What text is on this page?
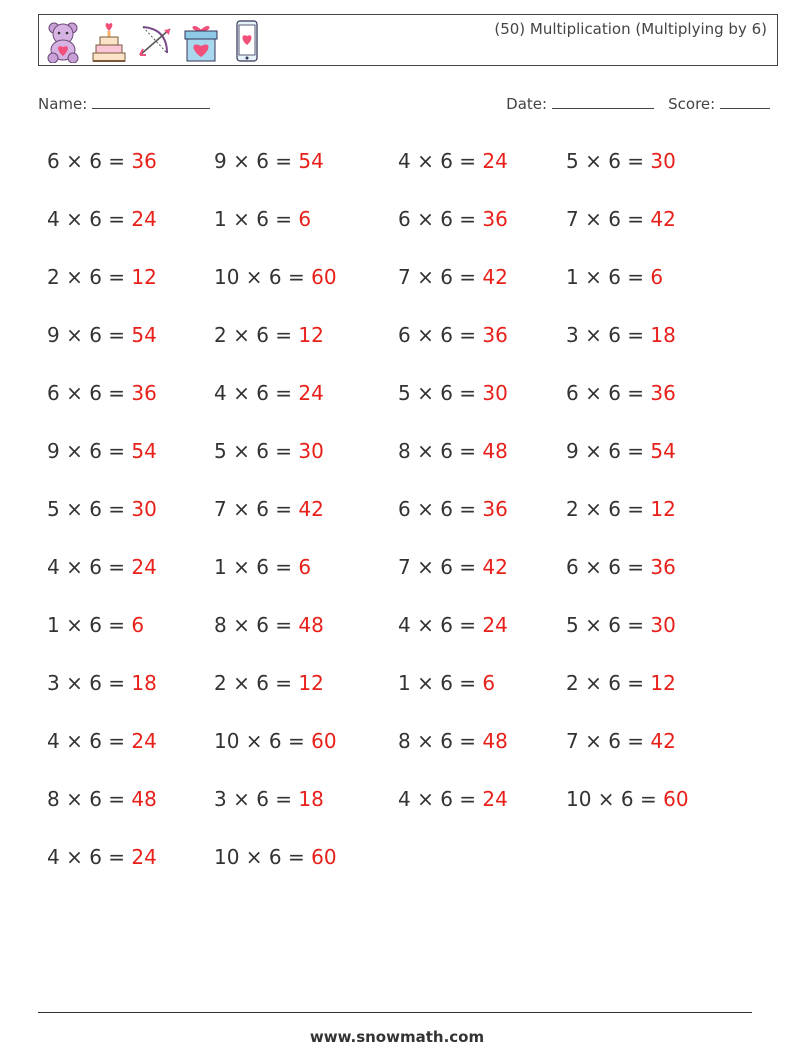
(50) Multiplication (Multiplying by 6)
Name:	Date:	Score:
6 × 6 = 36	9 × 6 = 54	4 × 6 = 24	5 × 6 = 30
4 × 6 = 24	1 × 6 = 6	6 × 6 = 36	7 × 6 = 42
2 × 6 = 12	10 × 6 = 60	7 × 6 = 42	1 × 6 = 6
9 × 6 = 54	2 × 6 = 12	6 × 6 = 36	3 × 6 = 18
6 × 6 = 36	4 × 6 = 24	5 × 6 = 30	6 × 6 = 36
9 × 6 = 54	5 × 6 = 30	8 × 6 = 48	9 × 6 = 54
5 × 6 = 30	7 × 6 = 42	6 × 6 = 36	2 × 6 = 12
4 × 6 = 24	1 × 6 = 6	7 × 6 = 42	6 × 6 = 36
1 × 6 = 6	8 × 6 = 48	4 × 6 = 24	5 × 6 = 30
3 × 6 = 18	2 × 6 = 12	1 × 6 = 6	2 × 6 = 12
4 × 6 = 24	10 × 6 = 60	8 × 6 = 48	7 × 6 = 42
8 × 6 = 48	3 × 6 = 18	4 × 6 = 24	10 × 6 = 60
4 × 6 = 24	10 × 6 = 60
www.snowmath.com
